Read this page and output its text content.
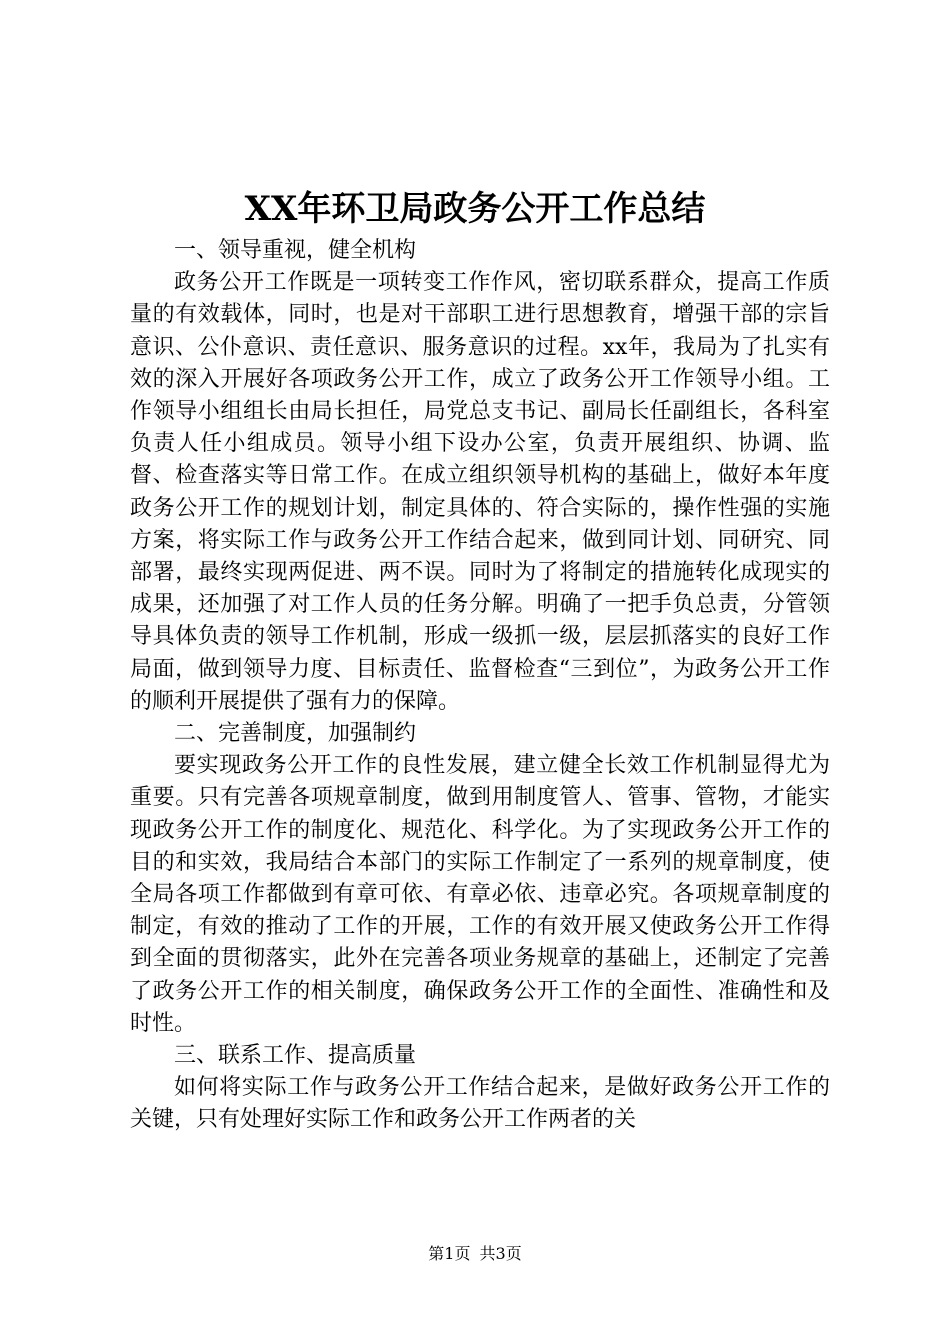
XX年环卫局政务公开工作总结

一、领导重视，健全机构

政务公开工作既是一项转变工作作风，密切联系群众，提高工作质量的有效载体，同时，也是对干部职工进行思想教育，增强干部的宗旨意识、公仆意识、责任意识、服务意识的过程。xx年，我局为了扎实有效的深入开展好各项政务公开工作，成立了政务公开工作领导小组。工作领导小组组长由局长担任，局党总支书记、副局长任副组长，各科室负责人任小组成员。领导小组下设办公室，负责开展组织、协调、监督、检查落实等日常工作。在成立组织领导机构的基础上，做好本年度政务公开工作的规划计划，制定具体的、符合实际的，操作性强的实施方案，将实际工作与政务公开工作结合起来，做到同计划、同研究、同部署，最终实现两促进、两不误。同时为了将制定的措施转化成现实的成果，还加强了对工作人员的任务分解。明确了一把手负总责，分管领导具体负责的领导工作机制，形成一级抓一级，层层抓落实的良好工作局面，做到领导力度、目标责任、监督检查“三到位”，为政务公开工作的顺利开展提供了强有力的保障。

二、完善制度，加强制约

要实现政务公开工作的良性发展，建立健全长效工作机制显得尤为重要。只有完善各项规章制度，做到用制度管人、管事、管物，才能实现政务公开工作的制度化、规范化、科学化。为了实现政务公开工作的目的和实效，我局结合本部门的实际工作制定了一系列的规章制度，使全局各项工作都做到有章可依、有章必依、违章必究。各项规章制度的制定，有效的推动了工作的开展，工作的有效开展又使政务公开工作得到全面的贯彻落实，此外在完善各项业务规章的基础上，还制定了完善了政务公开工作的相关制度，确保政务公开工作的全面性、准确性和及时性。

三、联系工作、提高质量

如何将实际工作与政务公开工作结合起来，是做好政务公开工作的关键，只有处理好实际工作和政务公开工作两者的关

第1页 共3页
